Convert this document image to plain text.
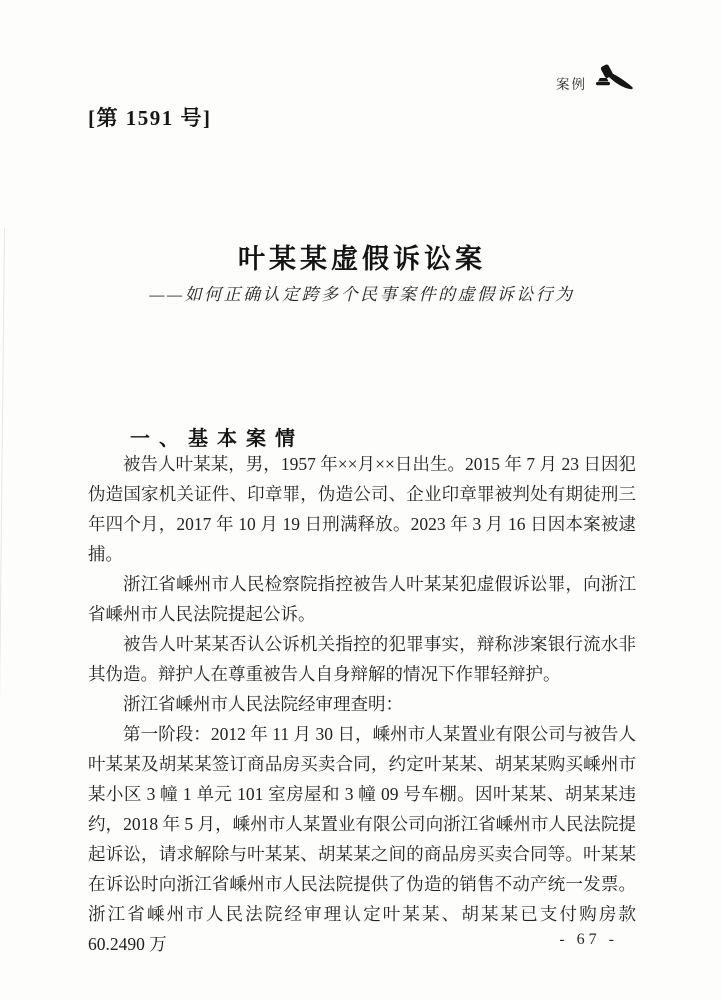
案例
[第 1591 号]
叶某某虚假诉讼案
——如何正确认定跨多个民事案件的虚假诉讼行为
一、基本案情

被告人叶某某，男，1957 年××月××日出生。2015 年 7 月 23 日因犯伪造国家机关证件、印章罪，伪造公司、企业印章罪被判处有期徒刑三年四个月，2017 年 10 月 19 日刑满释放。2023 年 3 月 16 日因本案被逮捕。

浙江省嵊州市人民检察院指控被告人叶某某犯虚假诉讼罪，向浙江省嵊州市人民法院提起公诉。

被告人叶某某否认公诉机关指控的犯罪事实，辩称涉案银行流水非其伪造。辩护人在尊重被告人自身辩解的情况下作罪轻辩护。

浙江省嵊州市人民法院经审理查明：

第一阶段：2012 年 11 月 30 日，嵊州市人某置业有限公司与被告人叶某某及胡某某签订商品房买卖合同，约定叶某某、胡某某购买嵊州市某小区 3 幢 1 单元 101 室房屋和 3 幢 09 号车棚。因叶某某、胡某某违约，2018 年 5 月，嵊州市人某置业有限公司向浙江省嵊州市人民法院提起诉讼，请求解除与叶某某、胡某某之间的商品房买卖合同等。叶某某在诉讼时向浙江省嵊州市人民法院提供了伪造的销售不动产统一发票。浙江省嵊州市人民法院经审理认定叶某某、胡某某已支付购房款 60.2490 万	- 67 -
